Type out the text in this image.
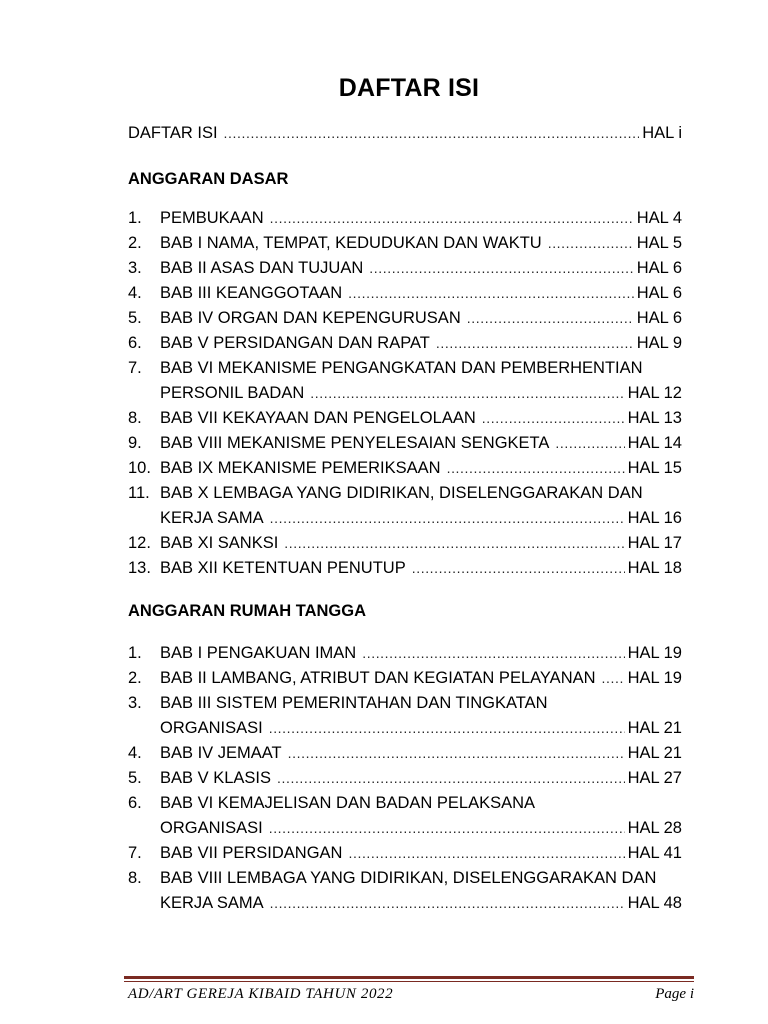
DAFTAR ISI
DAFTAR ISI .....	HAL i
ANGGARAN DASAR
1.	PEMBUKAAN .....	HAL 4
2.	BAB I NAMA, TEMPAT, KEDUDUKAN DAN WAKTU .....	HAL 5
3.	BAB II ASAS DAN TUJUAN .....	HAL 6
4.	BAB III KEANGGOTAAN .....	HAL 6
5.	BAB IV ORGAN DAN KEPENGURUSAN .....	HAL 6
6.	BAB V PERSIDANGAN DAN RAPAT .....	HAL 9
7.	BAB VI MEKANISME PENGANGKATAN DAN PEMBERHENTIAN
PERSONIL BADAN .....	HAL 12
8.	BAB VII KEKAYAAN DAN PENGELOLAAN .....	HAL 13
9.	BAB VIII MEKANISME PENYELESAIAN SENGKETA .....	HAL 14
10. BAB IX MEKANISME PEMERIKSAAN .....	HAL 15
11. BAB X LEMBAGA YANG DIDIRIKAN, DISELENGGARAKAN DAN
KERJA SAMA .....	HAL 16
12. BAB XI SANKSI .....	HAL 17
13. BAB XII KETENTUAN PENUTUP .....	HAL 18
ANGGARAN RUMAH TANGGA
1.	BAB I PENGAKUAN IMAN .....	HAL 19
2.	BAB II LAMBANG, ATRIBUT DAN KEGIATAN PELAYANAN ..... HAL 19
3.	BAB III SISTEM PEMERINTAHAN DAN TINGKATAN
ORGANISASI .....	HAL 21
4.	BAB IV JEMAAT .....	HAL 21
5.	BAB V KLASIS .....	HAL 27
6.	BAB VI KEMAJELISAN DAN BADAN PELAKSANA
ORGANISASI .....	HAL 28
7.	BAB VII PERSIDANGAN .....	HAL 41
8.	BAB VIII LEMBAGA YANG DIDIRIKAN, DISELENGGARAKAN DAN
KERJA SAMA .....	HAL 48
AD/ART GEREJA KIBAID TAHUN 2022	Page i
